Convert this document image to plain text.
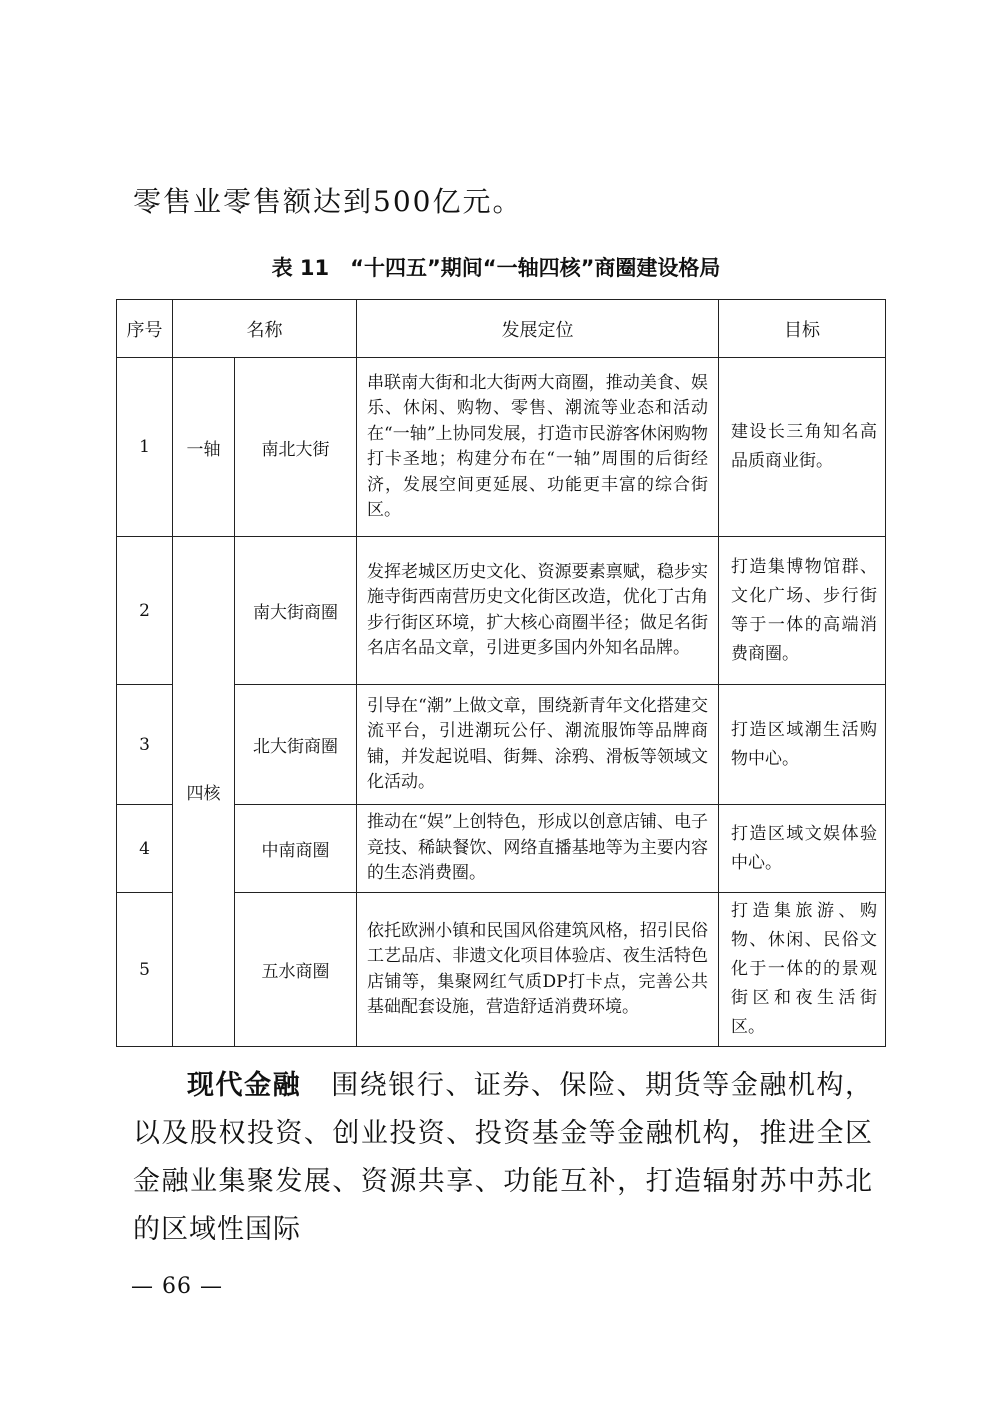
零售业零售额达到500亿元。

表 11　“十四五”期间“一轴四核”商圈建设格局

序号	名称		发展定位	目标
1	一轴	南北大街	串联南大街和北大街两大商圈，推动美食、娱乐、休闲、购物、零售、潮流等业态和活动在“一轴”上协同发展，打造市民游客休闲购物打卡圣地；构建分布在“一轴”周围的后街经济，发展空间更延展、功能更丰富的综合街区。	建设长三角知名高品质商业街。
2	四核	南大街商圈	发挥老城区历史文化、资源要素禀赋，稳步实施寺街西南营历史文化街区改造，优化丁古角步行街区环境，扩大核心商圈半径；做足名街名店名品文章，引进更多国内外知名品牌。	打造集博物馆群、文化广场、步行街等于一体的高端消费商圈。
3		北大街商圈	引导在“潮”上做文章，围绕新青年文化搭建交流平台，引进潮玩公仔、潮流服饰等品牌商铺，并发起说唱、街舞、涂鸦、滑板等领域文化活动。	打造区域潮生活购物中心。
4		中南商圈	推动在“娱”上创特色，形成以创意店铺、电子竞技、稀缺餐饮、网络直播基地等为主要内容的生态消费圈。	打造区域文娱体验中心。
5		五水商圈	依托欧洲小镇和民国风俗建筑风格，招引民俗工艺品店、非遗文化项目体验店、夜生活特色店铺等，集聚网红气质DP打卡点，完善公共基础配套设施，营造舒适消费环境。	打造集旅游、购物、休闲、民俗文化于一体的的景观街区和夜生活街区。

现代金融 围绕银行、证券、保险、期货等金融机构，以及股权投资、创业投资、投资基金等金融机构，推进全区金融业集聚发展、资源共享、功能互补，打造辐射苏中苏北的区域性国际

— 66 —
